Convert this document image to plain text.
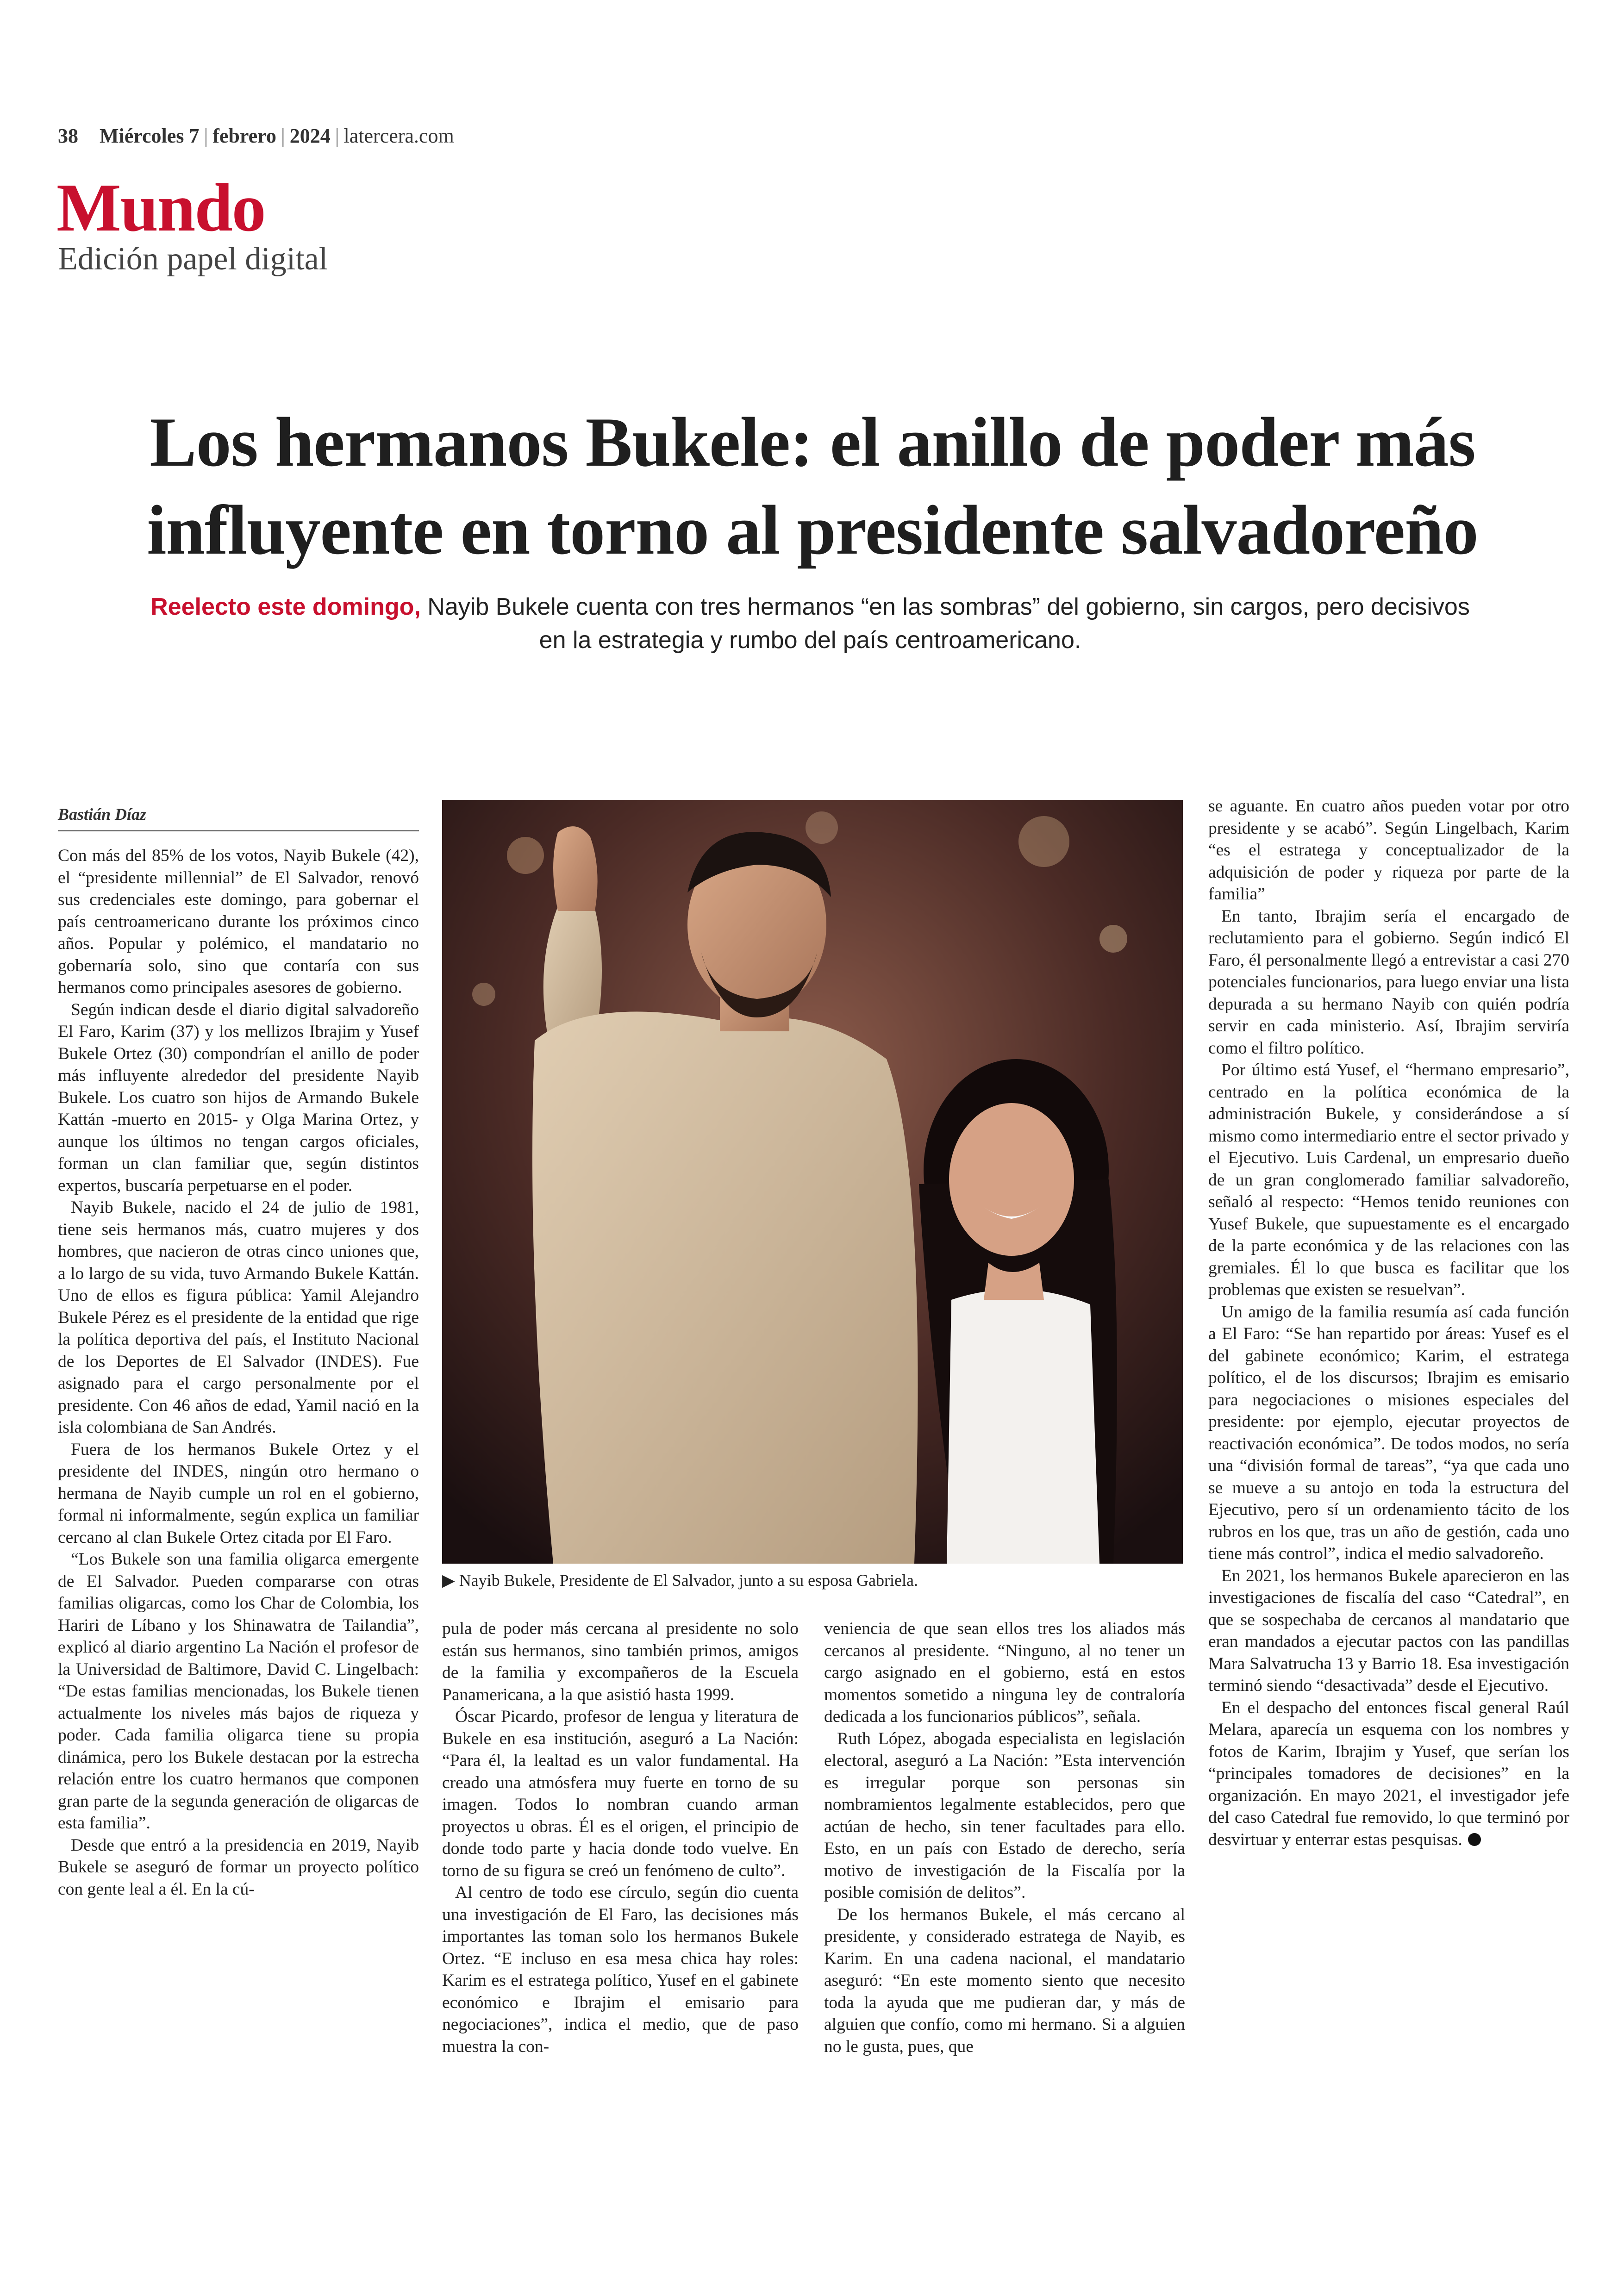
38 Miércoles 7 | febrero | 2024 | latercera.com
Mundo
Edición papel digital
Los hermanos Bukele: el anillo de poder más influyente en torno al presidente salvadoreño
Reelecto este domingo, Nayib Bukele cuenta con tres hermanos “en las sombras” del gobierno, sin cargos, pero decisivos en la estrategia y rumbo del país centroamericano.
Bastián Díaz
▶ Nayib Bukele, Presidente de El Salvador, junto a su esposa Gabriela.

Con más del 85% de los votos, Nayib Bukele (42), el “presidente millennial” de El Salvador, renovó sus credenciales este domingo, para gobernar el país centroamericano durante los próximos cinco años. Popular y polémico, el mandatario no gobernaría solo, sino que contaría con sus hermanos como principales asesores de gobierno.

Según indican desde el diario digital salvadoreño El Faro, Karim (37) y los mellizos Ibrajim y Yusef Bukele Ortez (30) compondrían el anillo de poder más influyente alrededor del presidente Nayib Bukele. Los cuatro son hijos de Armando Bukele Kattán -muerto en 2015- y Olga Marina Ortez, y aunque los últimos no tengan cargos oficiales, forman un clan familiar que, según distintos expertos, buscaría perpetuarse en el poder.

Nayib Bukele, nacido el 24 de julio de 1981, tiene seis hermanos más, cuatro mujeres y dos hombres, que nacieron de otras cinco uniones que, a lo largo de su vida, tuvo Armando Bukele Kattán. Uno de ellos es figura pública: Yamil Alejandro Bukele Pérez es el presidente de la entidad que rige la política deportiva del país, el Instituto Nacional de los Deportes de El Salvador (INDES). Fue asignado para el cargo personalmente por el presidente. Con 46 años de edad, Yamil nació en la isla colombiana de San Andrés.

Fuera de los hermanos Bukele Ortez y el presidente del INDES, ningún otro hermano o hermana de Nayib cumple un rol en el gobierno, formal ni informalmente, según explica un familiar cercano al clan Bukele Ortez citada por El Faro.

“Los Bukele son una familia oligarca emergente de El Salvador. Pueden compararse con otras familias oligarcas, como los Char de Colombia, los Hariri de Líbano y los Shinawatra de Tailandia”, explicó al diario argentino La Nación el profesor de la Universidad de Baltimore, David C. Lingelbach: “De estas familias mencionadas, los Bukele tienen actualmente los niveles más bajos de riqueza y poder. Cada familia oligarca tiene su propia dinámica, pero los Bukele destacan por la estrecha relación entre los cuatro hermanos que componen gran parte de la segunda generación de oligarcas de esta familia”.

Desde que entró a la presidencia en 2019, Nayib Bukele se aseguró de formar un proyecto político con gente leal a él. En la cú-

pula de poder más cercana al presidente no solo están sus hermanos, sino también primos, amigos de la familia y excompañeros de la Escuela Panamericana, a la que asistió hasta 1999.

Óscar Picardo, profesor de lengua y literatura de Bukele en esa institución, aseguró a La Nación: “Para él, la lealtad es un valor fundamental. Ha creado una atmósfera muy fuerte en torno de su imagen. Todos lo nombran cuando arman proyectos u obras. Él es el origen, el principio de donde todo parte y hacia donde todo vuelve. En torno de su figura se creó un fenómeno de culto”.

Al centro de todo ese círculo, según dio cuenta una investigación de El Faro, las decisiones más importantes las toman solo los hermanos Bukele Ortez. “E incluso en esa mesa chica hay roles: Karim es el estratega político, Yusef en el gabinete económico e Ibrajim el emisario para negociaciones”, indica el medio, que de paso muestra la con-

veniencia de que sean ellos tres los aliados más cercanos al presidente. “Ninguno, al no tener un cargo asignado en el gobierno, está en estos momentos sometido a ninguna ley de contraloría dedicada a los funcionarios públicos”, señala.

Ruth López, abogada especialista en legislación electoral, aseguró a La Nación: ”Esta intervención es irregular porque son personas sin nombramientos legalmente establecidos, pero que actúan de hecho, sin tener facultades para ello. Esto, en un país con Estado de derecho, sería motivo de investigación de la Fiscalía por la posible comisión de delitos”.

De los hermanos Bukele, el más cercano al presidente, y considerado estratega de Nayib, es Karim. En una cadena nacional, el mandatario aseguró: “En este momento siento que necesito toda la ayuda que me pudieran dar, y más de alguien que confío, como mi hermano. Si a alguien no le gusta, pues, que

se aguante. En cuatro años pueden votar por otro presidente y se acabó”. Según Lingelbach, Karim “es el estratega y conceptualizador de la adquisición de poder y riqueza por parte de la familia”

En tanto, Ibrajim sería el encargado de reclutamiento para el gobierno. Según indicó El Faro, él personalmente llegó a entrevistar a casi 270 potenciales funcionarios, para luego enviar una lista depurada a su hermano Nayib con quién podría servir en cada ministerio. Así, Ibrajim serviría como el filtro político.

Por último está Yusef, el “hermano empresario”, centrado en la política económica de la administración Bukele, y considerándose a sí mismo como intermediario entre el sector privado y el Ejecutivo. Luis Cardenal, un empresario dueño de un gran conglomerado familiar salvadoreño, señaló al respecto: “Hemos tenido reuniones con Yusef Bukele, que supuestamente es el encargado de la parte económica y de las relaciones con las gremiales. Él lo que busca es facilitar que los problemas que existen se resuelvan”.

Un amigo de la familia resumía así cada función a El Faro: “Se han repartido por áreas: Yusef es el del gabinete económico; Karim, el estratega político, el de los discursos; Ibrajim es emisario para negociaciones o misiones especiales del presidente: por ejemplo, ejecutar proyectos de reactivación económica”. De todos modos, no sería una “división formal de tareas”, “ya que cada uno se mueve a su antojo en toda la estructura del Ejecutivo, pero sí un ordenamiento tácito de los rubros en los que, tras un año de gestión, cada uno tiene más control”, indica el medio salvadoreño.

En 2021, los hermanos Bukele aparecieron en las investigaciones de fiscalía del caso “Catedral”, en que se sospechaba de cercanos al mandatario que eran mandados a ejecutar pactos con las pandillas Mara Salvatrucha 13 y Barrio 18. Esa investigación terminó siendo “desactivada” desde el Ejecutivo.

En el despacho del entonces fiscal general Raúl Melara, aparecía un esquema con los nombres y fotos de Karim, Ibrajim y Yusef, que serían los “principales tomadores de decisiones” en la organización. En mayo 2021, el investigador jefe del caso Catedral fue removido, lo que terminó por desvirtuar y enterrar estas pesquisas.
